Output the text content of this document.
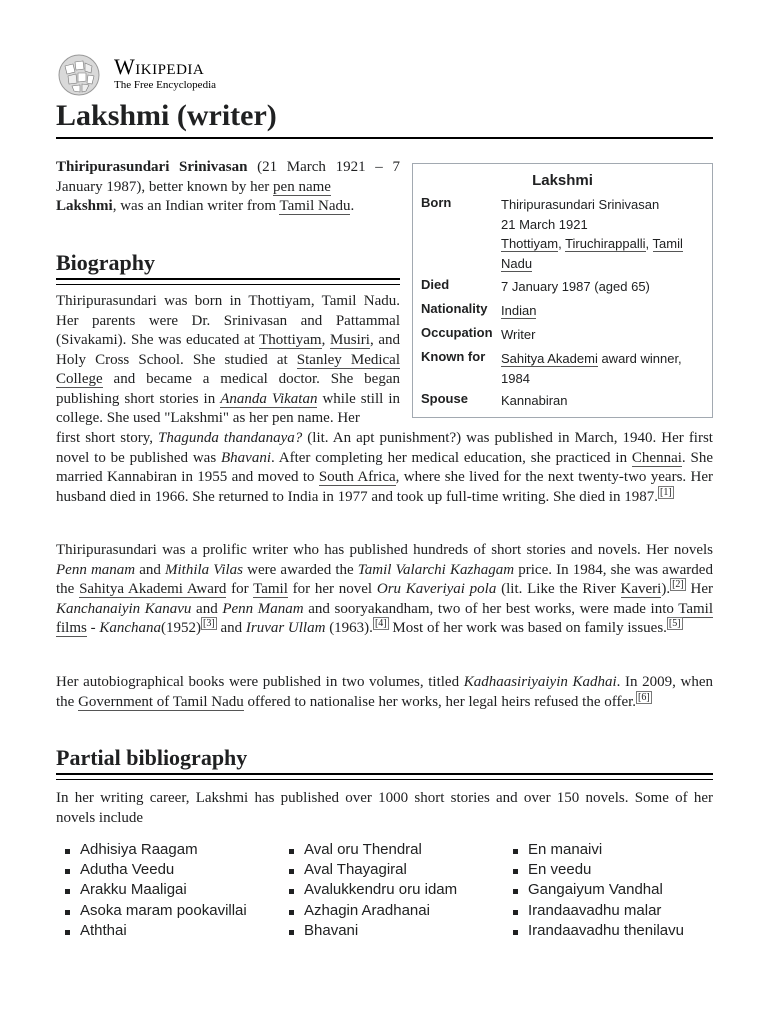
Wikipedia
The Free Encyclopedia
Lakshmi (writer)

Thiripurasundari Srinivasan (21 March 1921 – 7 January 1987), better known by her pen name
Lakshmi, was an Indian writer from Tamil Nadu.

Lakshmi
Born	Thiripurasundari Srinivasan
21 March 1921
Thottiyam, Tiruchirappalli, Tamil
Nadu
Died	7 January 1987 (aged 65)
Nationality	Indian
Occupation Writer
Known for	Sahitya Akademi award winner, 1984
Spouse	Kannabiran
Biography

Thiripurasundari was born in Thottiyam, Tamil Nadu. Her parents were Dr. Srinivasan and Pattammal (Sivakami). She was educated at Thottiyam, Musiri, and Holy Cross School. She studied at Stanley Medical College and became a medical doctor. She began publishing short stories in Ananda Vikatan while still in college. She used "Lakshmi" as her pen name. Her

first short story, Thagunda thandanaya? (lit. An apt punishment?) was published in March, 1940. Her first novel to be published was Bhavani. After completing her medical education, she practiced in Chennai. She married Kannabiran in 1955 and moved to South Africa, where she lived for the next twenty-two years. Her husband died in 1966. She returned to India in 1977 and took up full-time writing. She died in 1987. [1]

Thiripurasundari was a prolific writer who has published hundreds of short stories and novels. Her novels Penn manam and Mithila Vilas were awarded the Tamil Valarchi Kazhagam price. In 1984, she was awarded the Sahitya Akademi Award for Tamil for her novel Oru Kaveriyai pola (lit. Like the River Kaveri). [2] Her Kanchanaiyin Kanavu and Penn Manam and sooryakandham, two of her best works, were made into Tamil films - Kanchana(1952) [3] and Iruvar Ullam (1963). [4] Most of her work was based on family issues. [5]

Her autobiographical books were published in two volumes, titled Kadhaasiriyaiyin Kadhai. In 2009, when the Government of Tamil Nadu offered to nationalise her works, her legal heirs refused the offer. [6]

Partial bibliography

In her writing career, Lakshmi has published over 1000 short stories and over 150 novels. Some of her novels include

Adhisiya Raagam
Adutha Veedu
Arakku Maaligai
Asoka maram pookavillai
Aththai
Aval oru Thendral
Aval Thayagiral
Avalukkendru oru idam
Azhagin Aradhanai
Bhavani
En manaivi
En veedu
Gangaiyum Vandhal
Irandaavadhu malar
Irandaavadhu thenilavu
